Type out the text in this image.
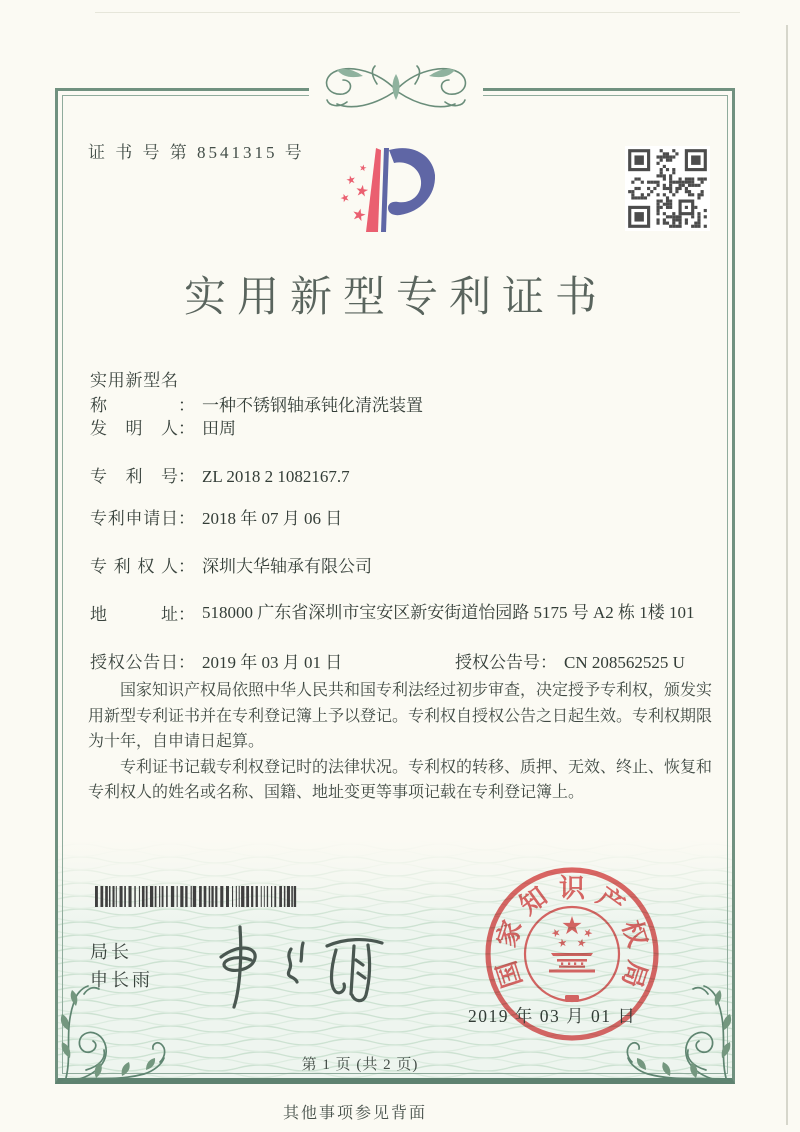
证 书 号 第 8541315 号
实用新型专利证书
实用新型名称	： 一种不锈钢轴承钝化清洗装置
发明人： 田周
专利号： ZL 2018 2 1082167.7
专利申请日： 2018 年 07 月 06 日
专利权人： 深圳大华轴承有限公司
地址： 518000 广东省深圳市宝安区新安街道怡园路 5175 号 A2 栋 1楼 101
授权公告日： 2019 年 03 月 01 日	授权公告号： CN 208562525 U

国家知识产权局依照中华人民共和国专利法经过初步审查，决定授予专利权，颁发实用新型专利证书并在专利登记簿上予以登记。专利权自授权公告之日起生效。专利权期限为十年，自申请日起算。

专利证书记载专利权登记时的法律状况。专利权的转移、质押、无效、终止、恢复和专利权人的姓名或名称、国籍、地址变更等事项记载在专利登记簿上。

局长
申长雨	国
家
知 识 产
权
局
2019 年 03 月 01 日
第 1 页 (共 2 页)
其他事项参见背面
